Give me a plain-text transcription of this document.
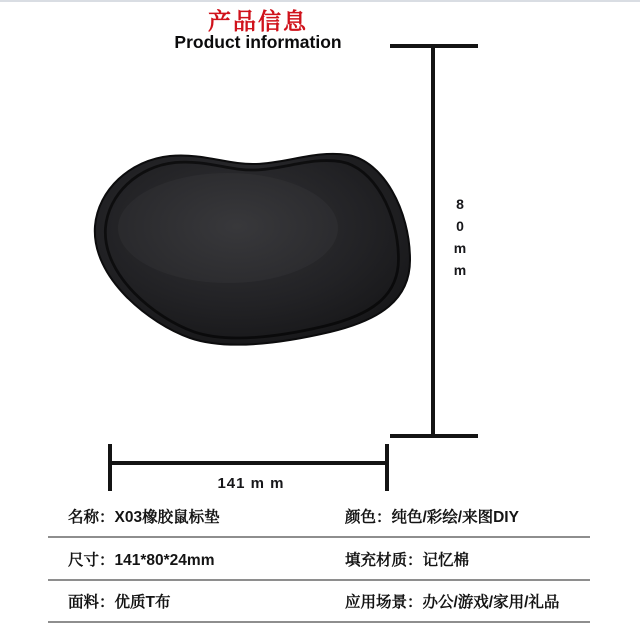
产品信息
Product information
8
0
m
m
141 m m
名称：X03橡胶鼠标垫	颜色：纯色/彩绘/来图DIY
尺寸：141*80*24mm	填充材质：记忆棉
面料：优质T布	应用场景：办公/游戏/家用/礼品
